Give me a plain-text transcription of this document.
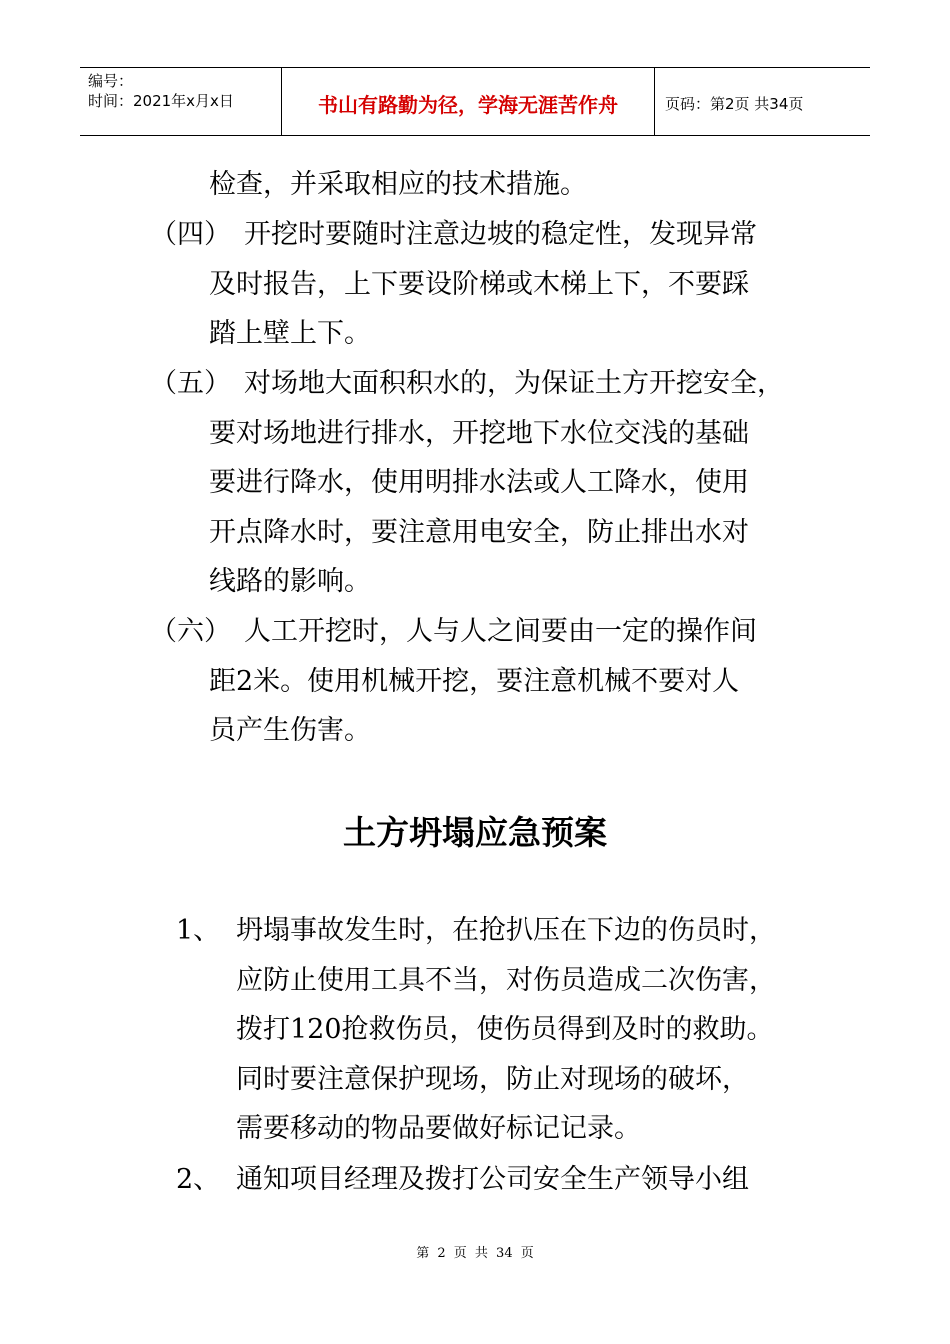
编号：
时间：2021年x月x日	书山有路勤为径，学海无涯苦作舟	页码：第2页 共34页
检查，并采取相应的技术措施。
（四） 开挖时要随时注意边坡的稳定性，发现异常
及时报告，上下要设阶梯或木梯上下，不要踩
踏上壁上下。
（五） 对场地大面积积水的，为保证土方开挖安全，
要对场地进行排水，开挖地下水位交浅的基础
要进行降水，使用明排水法或人工降水，使用
开点降水时，要注意用电安全，防止排出水对
线路的影响。
（六） 人工开挖时，人与人之间要由一定的操作间
距2米。使用机械开挖，要注意机械不要对人
员产生伤害。
土方坍塌应急预案
1、 坍塌事故发生时，在抢扒压在下边的伤员时，
应防止使用工具不当，对伤员造成二次伤害，
拨打120抢救伤员，使伤员得到及时的救助。
同时要注意保护现场，防止对现场的破坏，
需要移动的物品要做好标记记录。
2、 通知项目经理及拨打公司安全生产领导小组
第 2 页 共 34 页
